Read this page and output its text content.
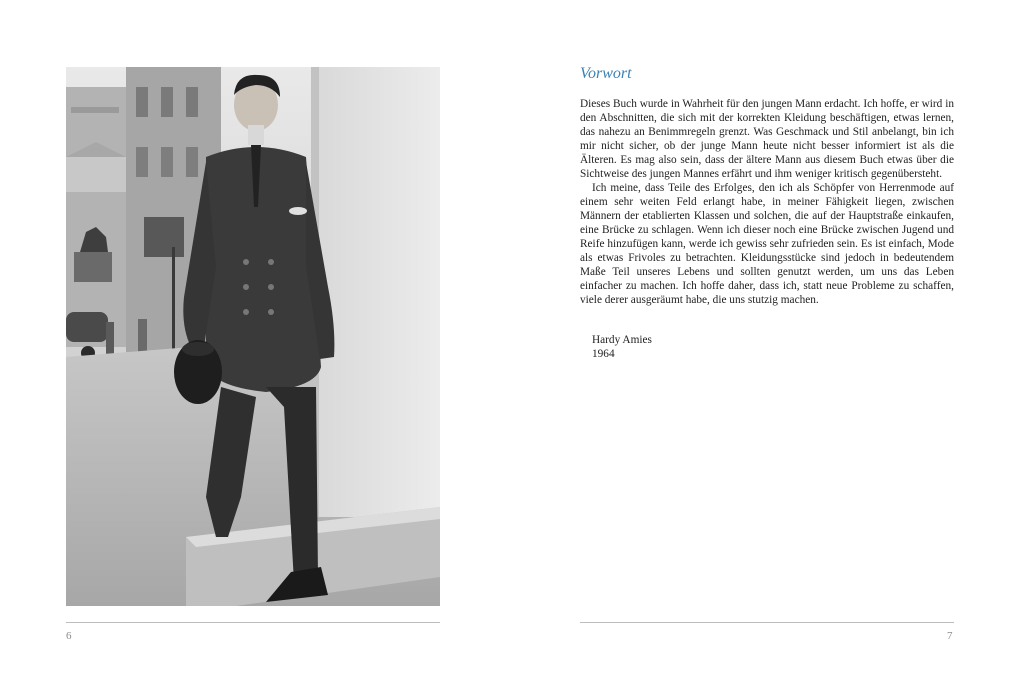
6
Vorwort

Dieses Buch wurde in Wahrheit für den jungen Mann erdacht. Ich hoffe, er wird in den Abschnitten, die sich mit der korrekten Kleidung beschäftigen, etwas lernen, das nahezu an Benimmregeln grenzt. Was Geschmack und Stil anbelangt, bin ich mir nicht sicher, ob der junge Mann heute nicht besser informiert ist als die Älteren. Es mag also sein, dass der ältere Mann aus diesem Buch etwas über die Sichtweise des jungen Mannes erfährt und ihm weniger kritisch gegenübersteht.

Ich meine, dass Teile des Erfolges, den ich als Schöpfer von Herrenmode auf einem sehr weiten Feld erlangt habe, in meiner Fähigkeit liegen, zwischen Männern der etablierten Klassen und solchen, die auf der Hauptstraße einkaufen, eine Brücke zu schlagen. Wenn ich dieser noch eine Brücke zwischen Jugend und Reife hinzufügen kann, werde ich gewiss sehr zufrieden sein. Es ist einfach, Mode als etwas Frivoles zu betrachten. Kleidungsstücke sind jedoch in bedeutendem Maße Teil unseres Lebens und sollten genutzt werden, um uns das Leben einfacher zu machen. Ich hoffe daher, dass ich, statt neue Probleme zu schaffen, viele derer ausgeräumt habe, die uns stutzig machen.

Hardy Amies
1964
7
